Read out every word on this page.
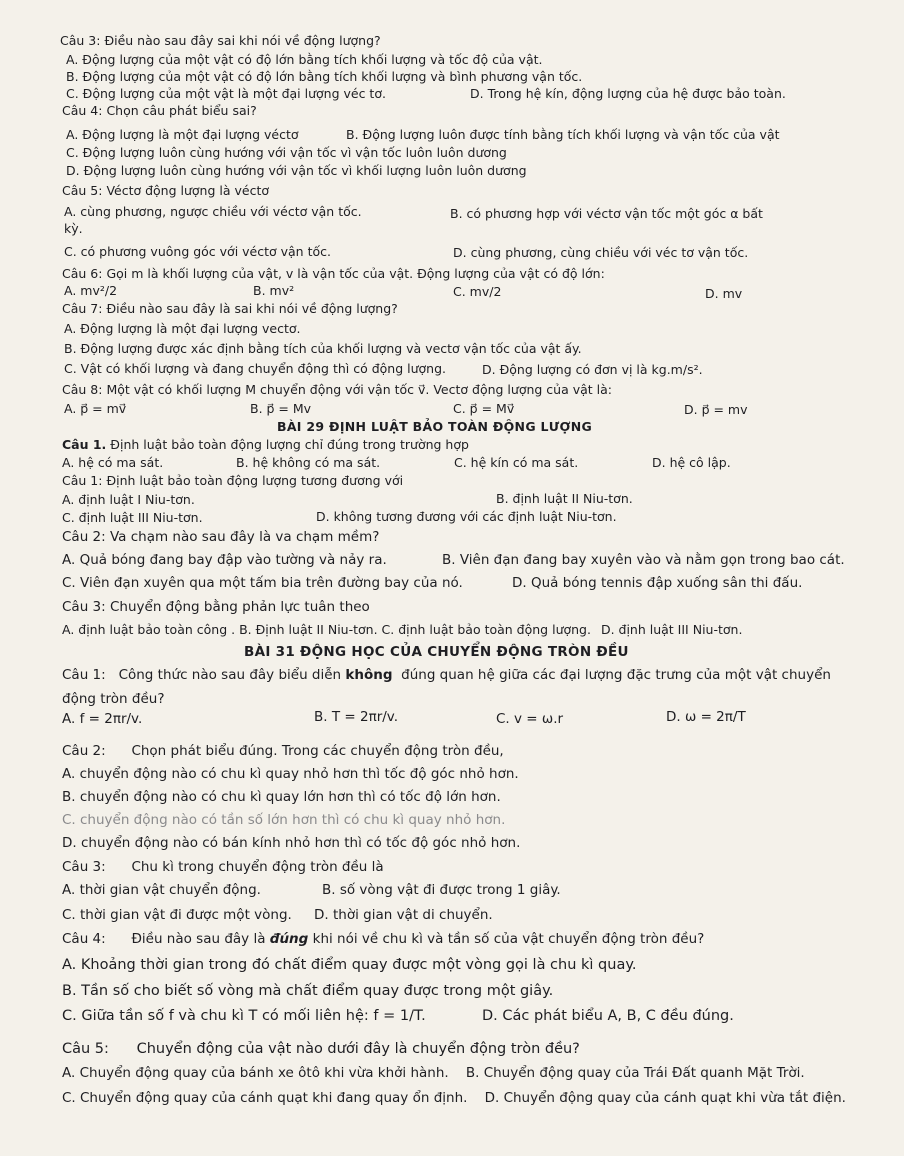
Câu 3: Điều nào sau đây sai khi nói về động lượng?
A. Động lượng của một vật có độ lớn bằng tích khối lượng và tốc độ của vật.
B. Động lượng của một vật có độ lớn bằng tích khối lượng và bình phương vận tốc.
C. Động lượng của một vật là một đại lượng véc tơ.	D. Trong hệ kín, động lượng của hệ được bảo toàn.
Câu 4: Chọn câu phát biểu sai?
A. Động lượng là một đại lượng véctơ	B. Động lượng luôn được tính bằng tích khối lượng và vận tốc của vật
C. Động lượng luôn cùng hướng với vận tốc vì vận tốc luôn luôn dương
D. Động lượng luôn cùng hướng với vận tốc vì khối lượng luôn luôn dương
Câu 5: Véctơ động lượng là véctơ
A. cùng phương, ngược chiều với véctơ vận tốc.	B. có phương hợp với véctơ vận tốc một góc α bất
kỳ.
C. có phương vuông góc với véctơ vận tốc.	D. cùng phương, cùng chiều với véc tơ vận tốc.
Câu 6: Gọi m là khối lượng của vật, v là vận tốc của vật. Động lượng của vật có độ lớn:
A. mv²/2	B. mv²	C. mv/2	D. mv
Câu 7: Điều nào sau đây là sai khi nói về động lượng?
A. Động lượng là một đại lượng vectơ.
B. Động lượng được xác định bằng tích của khối lượng và vectơ vận tốc của vật ấy.
C. Vật có khối lượng và đang chuyển động thì có động lượng.	D. Động lượng có đơn vị là kg.m/s².
Câu 8: Một vật có khối lượng M chuyển động với vận tốc v⃗. Vectơ động lượng của vật là:
A. p⃗ = mv⃗	B. p⃗ = Mv	C. p⃗ = Mv⃗	D. p⃗ = mv
BÀI 29 ĐỊNH LUẬT BẢO TOÀN ĐỘNG LƯỢNG
Câu 1. Định luật bảo toàn động lượng chỉ đúng trong trường hợp
A. hệ có ma sát.	B. hệ không có ma sát.	C. hệ kín có ma sát.	D. hệ cô lập.
Câu 1: Định luật bảo toàn động lượng tương đương với
A. định luật I Niu-tơn.	B. định luật II Niu-tơn.
C. định luật III Niu-tơn.	D. không tương đương với các định luật Niu-tơn.
Câu 2: Va chạm nào sau đây là va chạm mềm?
A. Quả bóng đang bay đập vào tường và nảy ra.	B. Viên đạn đang bay xuyên vào và nằm gọn trong bao cát.
C. Viên đạn xuyên qua một tấm bia trên đường bay của nó.	D. Quả bóng tennis đập xuống sân thi đấu.
Câu 3: Chuyển động bằng phản lực tuân theo
A. định luật bảo toàn công . B. Định luật II Niu-tơn. C. định luật bảo toàn động lượng. D. định luật III Niu-tơn.
BÀI 31 ĐỘNG HỌC CỦA CHUYỂN ĐỘNG TRÒN ĐỀU
Câu 1: Công thức nào sau đây biểu diễn không đúng quan hệ giữa các đại lượng đặc trưng của một vật chuyển
động tròn đều?
A. f = 2πr/v.	B. T = 2πr/v.	C. v = ω.r	D. ω = 2π/T
Câu 2: Chọn phát biểu đúng. Trong các chuyển động tròn đều,
A. chuyển động nào có chu kì quay nhỏ hơn thì tốc độ góc nhỏ hơn.
B. chuyển động nào có chu kì quay lớn hơn thì có tốc độ lớn hơn.
C. chuyển động nào có tần số lớn hơn thì có chu kì quay nhỏ hơn.
D. chuyển động nào có bán kính nhỏ hơn thì có tốc độ góc nhỏ hơn.
Câu 3: Chu kì trong chuyển động tròn đều là
A. thời gian vật chuyển động.	B. số vòng vật đi được trong 1 giây.
C. thời gian vật đi được một vòng. D. thời gian vật di chuyển.
Câu 4: Điều nào sau đây là đúng khi nói về chu kì và tần số của vật chuyển động tròn đều?
A. Khoảng thời gian trong đó chất điểm quay được một vòng gọi là chu kì quay.
B. Tần số cho biết số vòng mà chất điểm quay được trong một giây.
C. Giữa tần số f và chu kì T có mối liên hệ: f = 1/T.	D. Các phát biểu A, B, C đều đúng.
Câu 5: Chuyển động của vật nào dưới đây là chuyển động tròn đều?
A. Chuyển động quay của bánh xe ôtô khi vừa khởi hành. B. Chuyển động quay của Trái Đất quanh Mặt Trời.
C. Chuyển động quay của cánh quạt khi đang quay ổn định. D. Chuyển động quay của cánh quạt khi vừa tắt điện.
